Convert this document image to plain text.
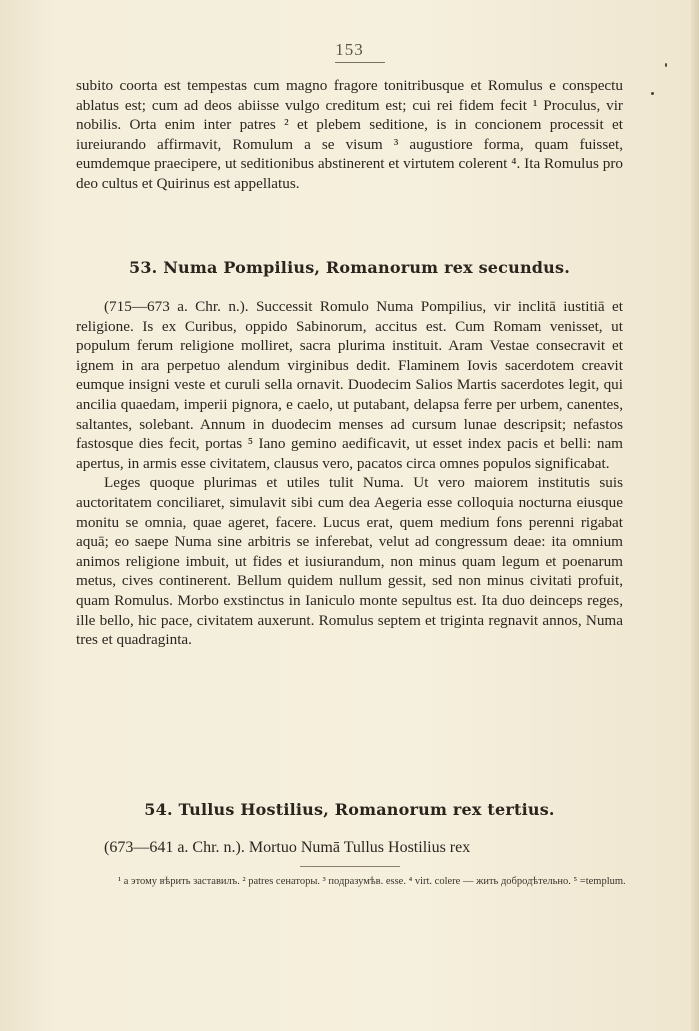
153

subito coorta est tempestas cum magno fragore tonitribusque et Romulus e conspectu ablatus est; cum ad deos abiisse vulgo creditum est; cui rei fidem fecit ¹ Proculus, vir nobilis. Orta enim inter patres ² et plebem seditione, is in concionem processit et iureiurando affirmavit, Romulum a se visum ³ augustiore forma, quam fuisset, eumdemque praecipere, ut seditionibus abstinerent et virtutem colerent ⁴. Ita Romulus pro deo cultus et Quirinus est appellatus.

53. Numa Pompilius, Romanorum rex secundus.

(715—673 a. Chr. n.). Successit Romulo Numa Pompilius, vir inclitā iustitiā et religione. Is ex Curibus, oppido Sabinorum, accitus est. Cum Romam venisset, ut populum ferum religione molliret, sacra plurima instituit. Aram Vestae consecravit et ignem in ara perpetuo alendum virginibus dedit. Flaminem Iovis sacerdotem creavit eumque insigni veste et curuli sella ornavit. Duodecim Salios Martis sacerdotes legit, qui ancilia quaedam, imperii pignora, e caelo, ut putabant, delapsa ferre per urbem, canentes, saltantes, solebant. Annum in duodecim menses ad cursum lunae descripsit; nefastos fastosque dies fecit, portas ⁵ Iano gemino aedificavit, ut esset index pacis et belli: nam apertus, in armis esse civitatem, clausus vero, pacatos circa omnes populos significabat.

Leges quoque plurimas et utiles tulit Numa. Ut vero maiorem institutis suis auctoritatem conciliaret, simulavit sibi cum dea Aegeria esse colloquia nocturna eiusque monitu se omnia, quae ageret, facere. Lucus erat, quem medium fons perenni rigabat aquā; eo saepe Numa sine arbitris se inferebat, velut ad congressum deae: ita omnium animos religione imbuit, ut fides et iusiurandum, non minus quam legum et poenarum metus, cives continerent. Bellum quidem nullum gessit, sed non minus civitati profuit, quam Romulus. Morbo exstinctus in Ianiculo monte sepultus est. Ita duo deinceps reges, ille bello, hic pace, civitatem auxerunt. Romulus septem et triginta regnavit annos, Numa tres et quadraginta.

54. Tullus Hostilius, Romanorum rex tertius.

(673—641 a. Chr. n.). Mortuo Numā Tullus Hostilius rex

¹ а этому вѣрить заставилъ. ² patres сенаторы. ³ подразумѣв. esse. ⁴ virt. colere — жить добродѣтельно. ⁵ =templum.
